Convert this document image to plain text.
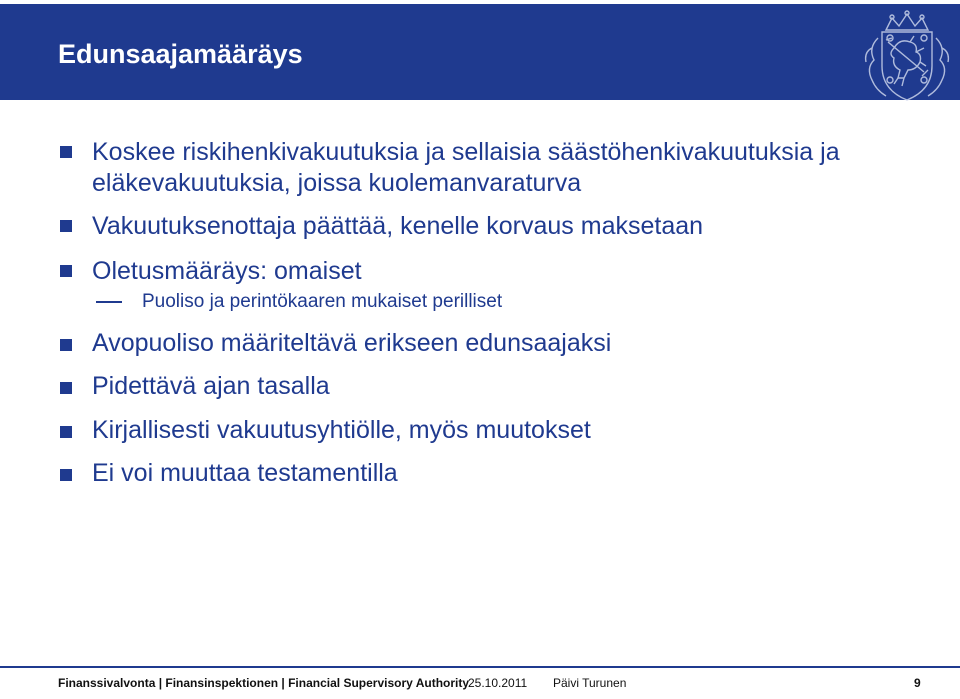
Edunsaajamääräys
Koskee riskihenkivakuutuksia ja sellaisia säästöhenkivakuutuksia ja
eläkevakuutuksia, joissa kuolemanvaraturva
Vakuutuksenottaja päättää, kenelle korvaus maksetaan
Oletusmääräys: omaiset
Puoliso ja perintökaaren mukaiset perilliset
Avopuoliso määriteltävä erikseen edunsaajaksi
Pidettävä ajan tasalla
Kirjallisesti vakuutusyhtiölle, myös muutokset
Ei voi muuttaa testamentilla
Finanssivalvonta | Finansinspektionen | Financial Supervisory Authority
25.10.2011 Päivi Turunen	9
